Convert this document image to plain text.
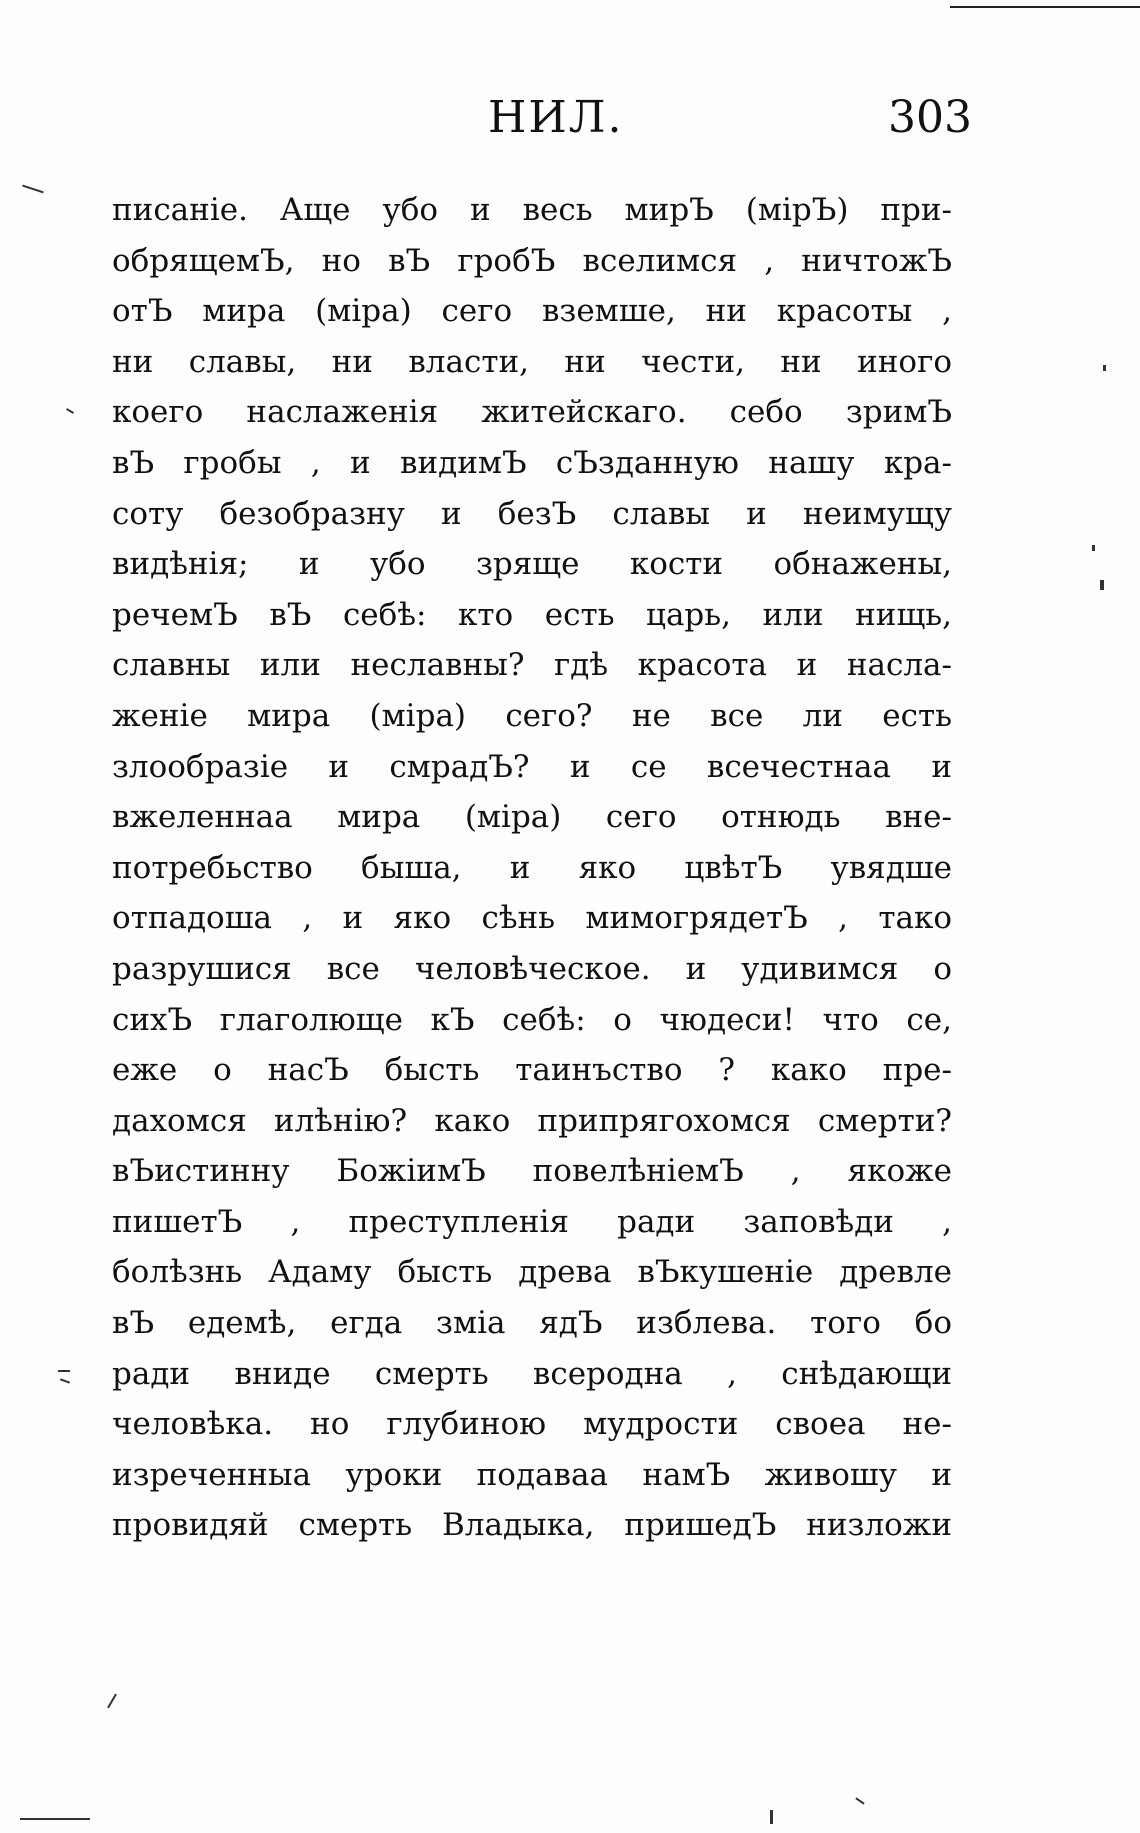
НИЛ.	303
писаніе. Аще убо и весь мирЪ (мірЪ) при-
обрящемЪ, но вЪ гробЪ вселимся , ничтожЪ
отЪ мира (міра) сего вземше, ни красоты ,
ни славы, ни власти, ни чести, ни иного
коего наслаженія житейскаго. себо зримЪ
вЪ гробы , и видимЪ сЪзданную нашу кра-
соту безобразну и безЪ славы и неимущу
видѣнія; и убо зряще кости обнажены,
речемЪ вЪ себѣ: кто есть царь, или нищь,
славны или неславны? гдѣ красота и насла-
женіе мира (міра) сего? не все ли есть
злообразіе и смрадЪ? и се всечестнаа и
вжеленнаа мира (міра) сего отнюдь вне-
потребьство быша, и яко цвѣтЪ увядше
отпадоша , и яко сѣнь мимогрядетЪ , тако
разрушися все человѣческое. и удивимся о
сихЪ глаголюще кЪ себѣ: о чюдеси! что се,
еже о насЪ бысть таинъство ? како пре-
дахомся илѣнію? како припрягохомся смерти?
вЪистинну БожіимЪ повелѣніемЪ , якоже
пишетЪ , преступленія ради заповѣди ,
болѣзнь Адаму бысть древа вЪкушеніе древле
вЪ едемѣ, егда зміа ядЪ изблева. того бо
ради вниде смерть всеродна , снѣдающи
человѣка. но глубиною мудрости своеа не-
изреченныа уроки подаваа намЪ живошу и
провидяй смерть Владыка, пришедЪ низложи
